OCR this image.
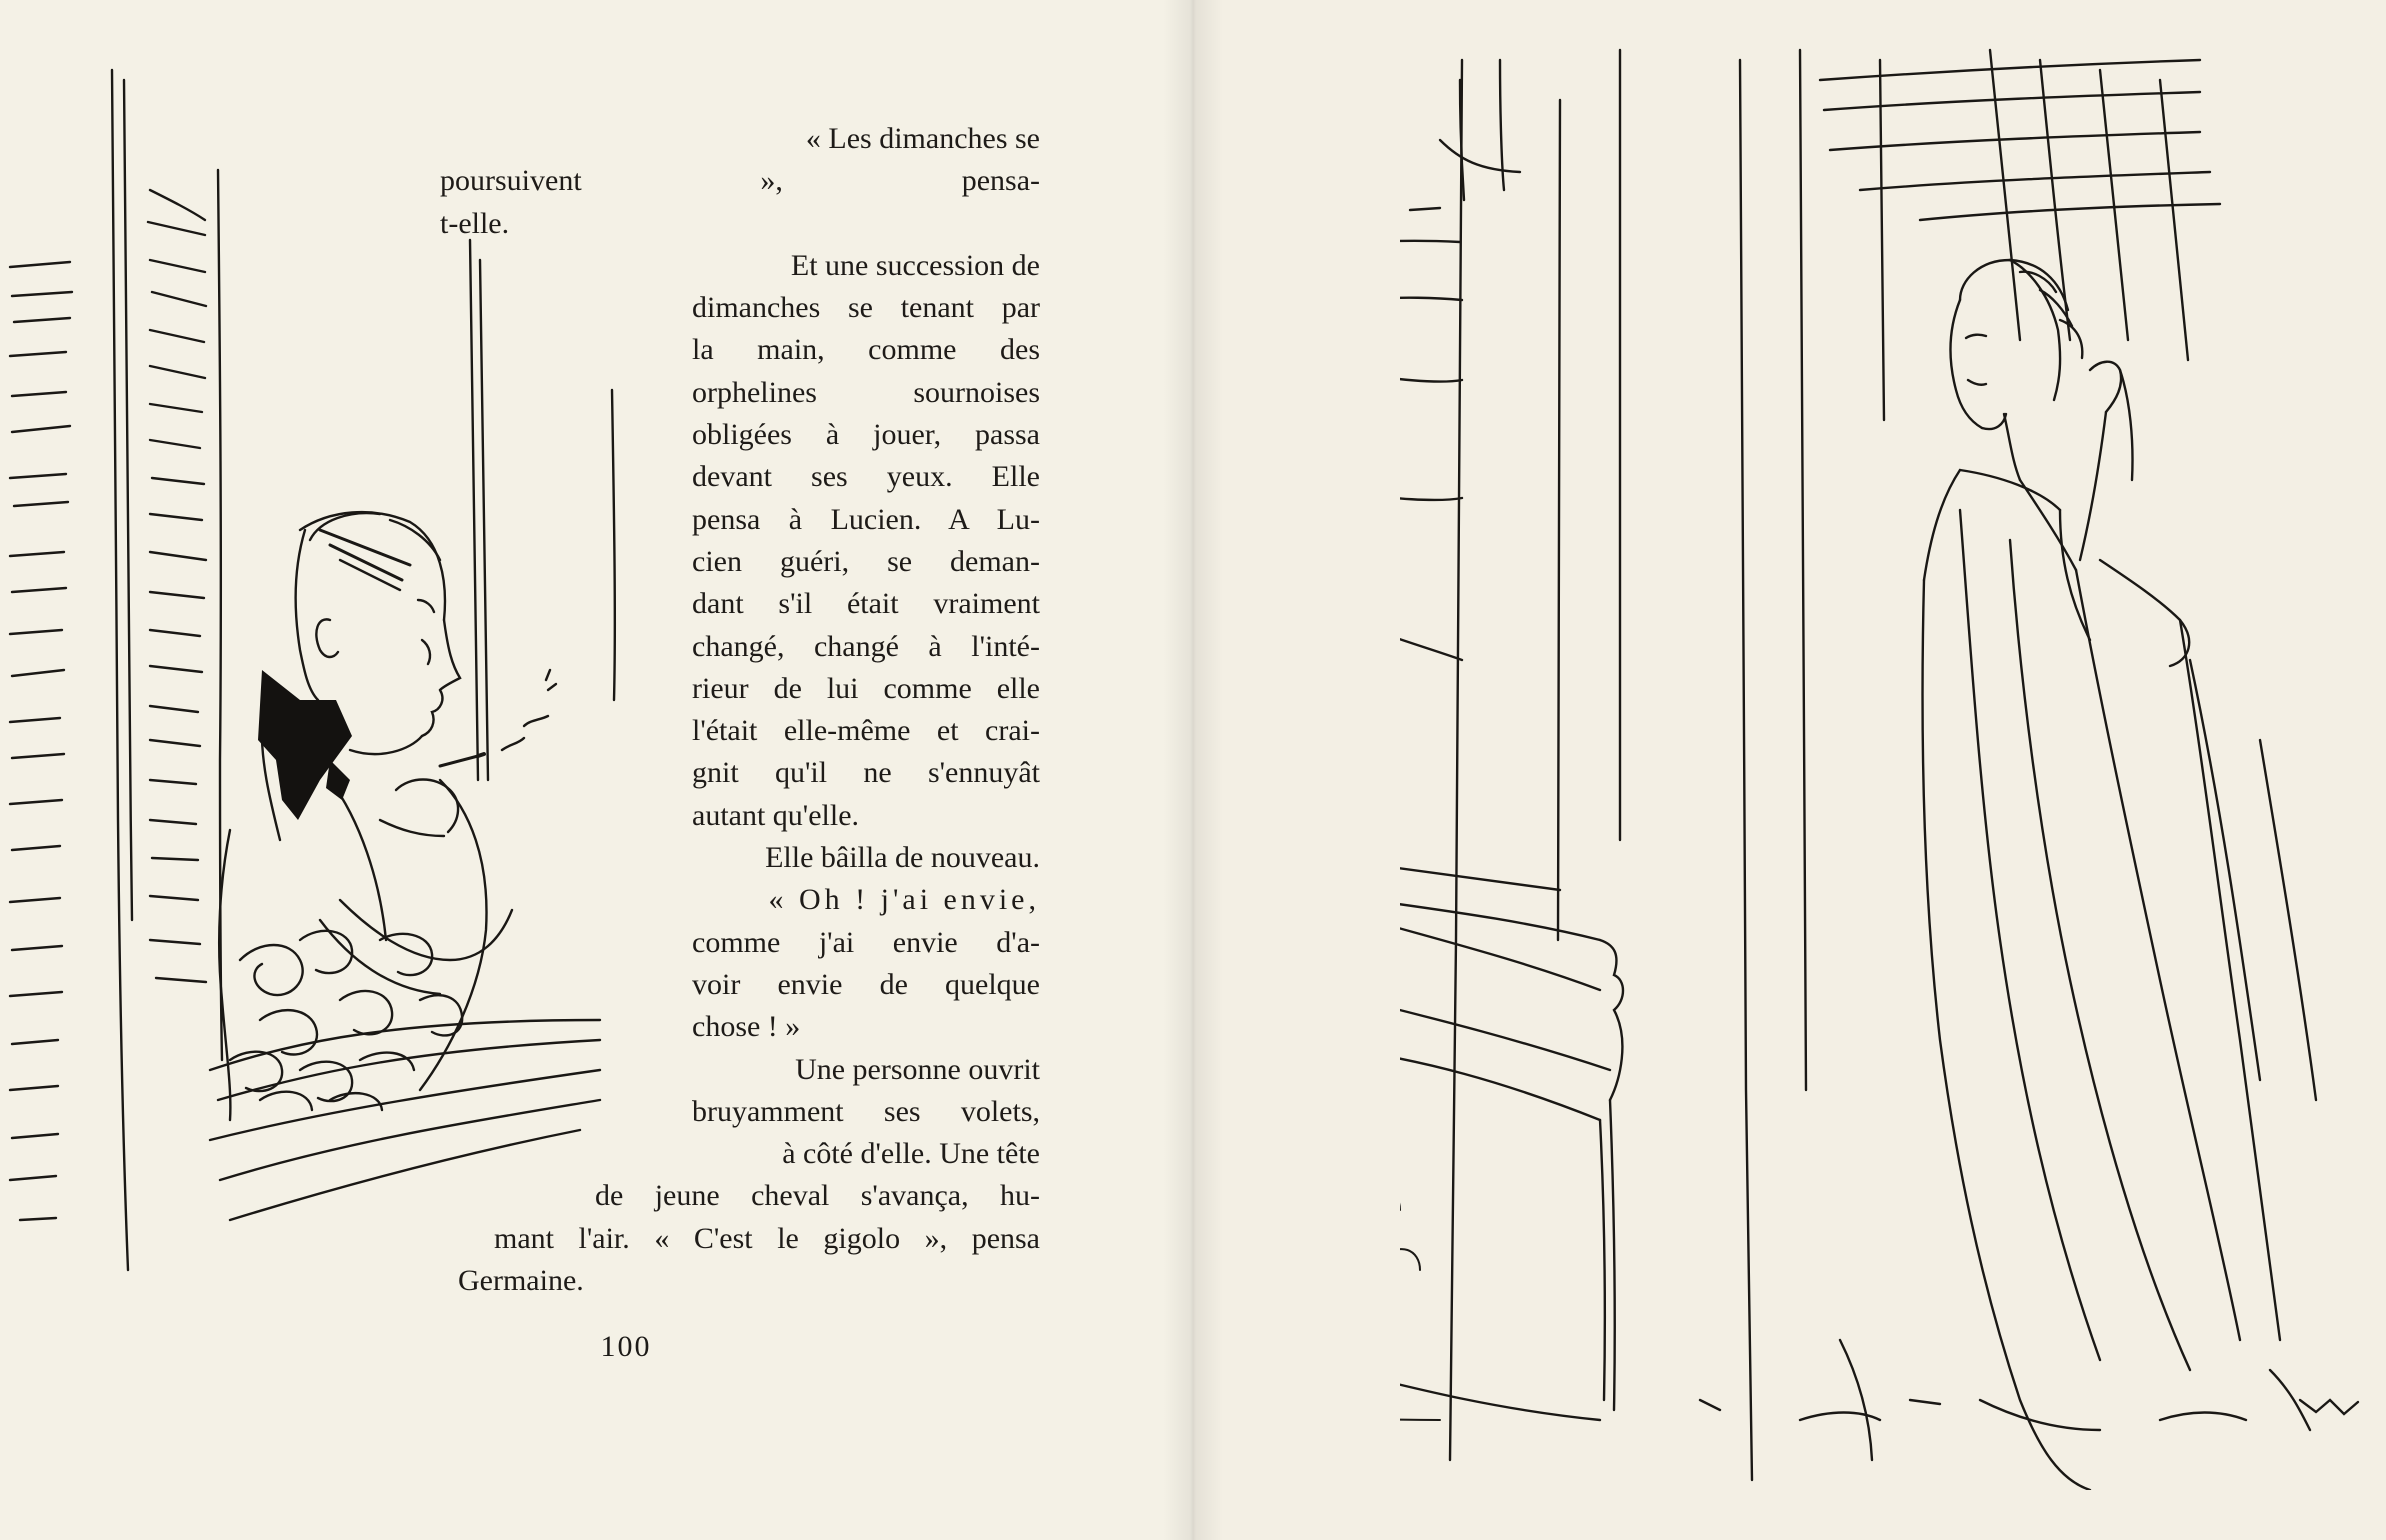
« Les dimanches se
poursuivent », pensa-
t-elle.
Et une succession de
dimanches se tenant par
la main, comme des
orphelines sournoises
obligées à jouer, passa
devant ses yeux. Elle
pensa à Lucien. A Lu-
cien guéri, se deman-
dant s'il était vraiment
changé, changé à l'inté-
rieur de lui comme elle
l'était elle-même et crai-
gnit qu'il ne s'ennuyât
autant qu'elle.
Elle bâilla de nouveau.
« Oh ! j'ai envie,
comme j'ai envie d'a-
voir envie de quelque
chose ! »
Une personne ouvrit
bruyamment ses volets,
à côté d'elle. Une tête
de jeune cheval s'avança, hu-
mant l'air. « C'est le gigolo », pensa
Germaine.
100
